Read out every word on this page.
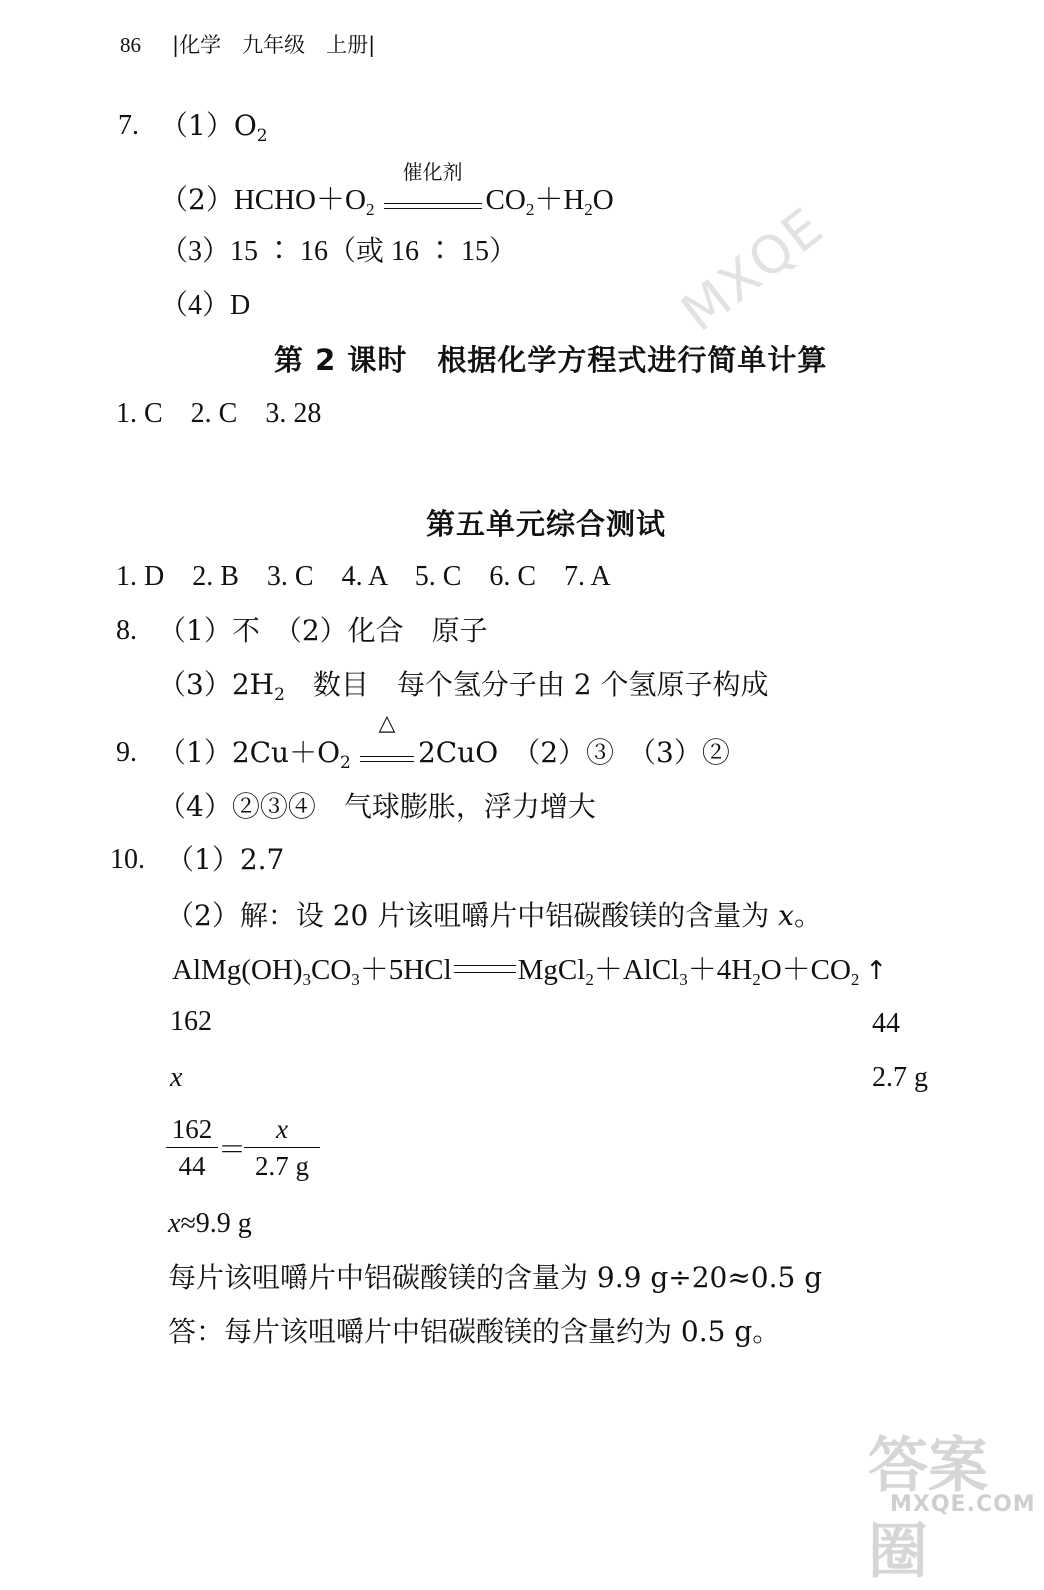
86 |化学　九年级　上册|
7. $(1)O_2$
（2）HCHO＋O2
催化剂
CO2＋H2O
（3）15 ∶ 16（或 16 ∶ 15）
（4）D
第 2 课时　根据化学方程式进行简单计算
1. C　2. C　3. 28
第五单元综合测试
1. D　2. B　3. C　4. A　5. C　6. C　7. A
8. （1）不　（2）化合　原子
$(3)2H_2$　数目　每个氢分子由 2 个氢原子构成
9. （1）2Cu＋O2
△
2CuO　（2）③　（3）②
（4）②③④　气球膨胀，浮力增大
10. （1）2.7
（2）解：设 20 片该咀嚼片中铝碳酸镁的含量为 x。
$AlMg(OH)_3CO_3+5HCl$ $MgCl_2+AlCl_3+4H_2O+CO_2$ ↑
162	44
x	2.7 g
162
44 ＝
x
2.7 g
x≈9.9 g
每片该咀嚼片中铝碳酸镁的含量为 9.9 g÷20≈0.5 g
答：每片该咀嚼片中铝碳酸镁的含量约为 0.5 g。
MXQE
答案圈
MXQE.COM
